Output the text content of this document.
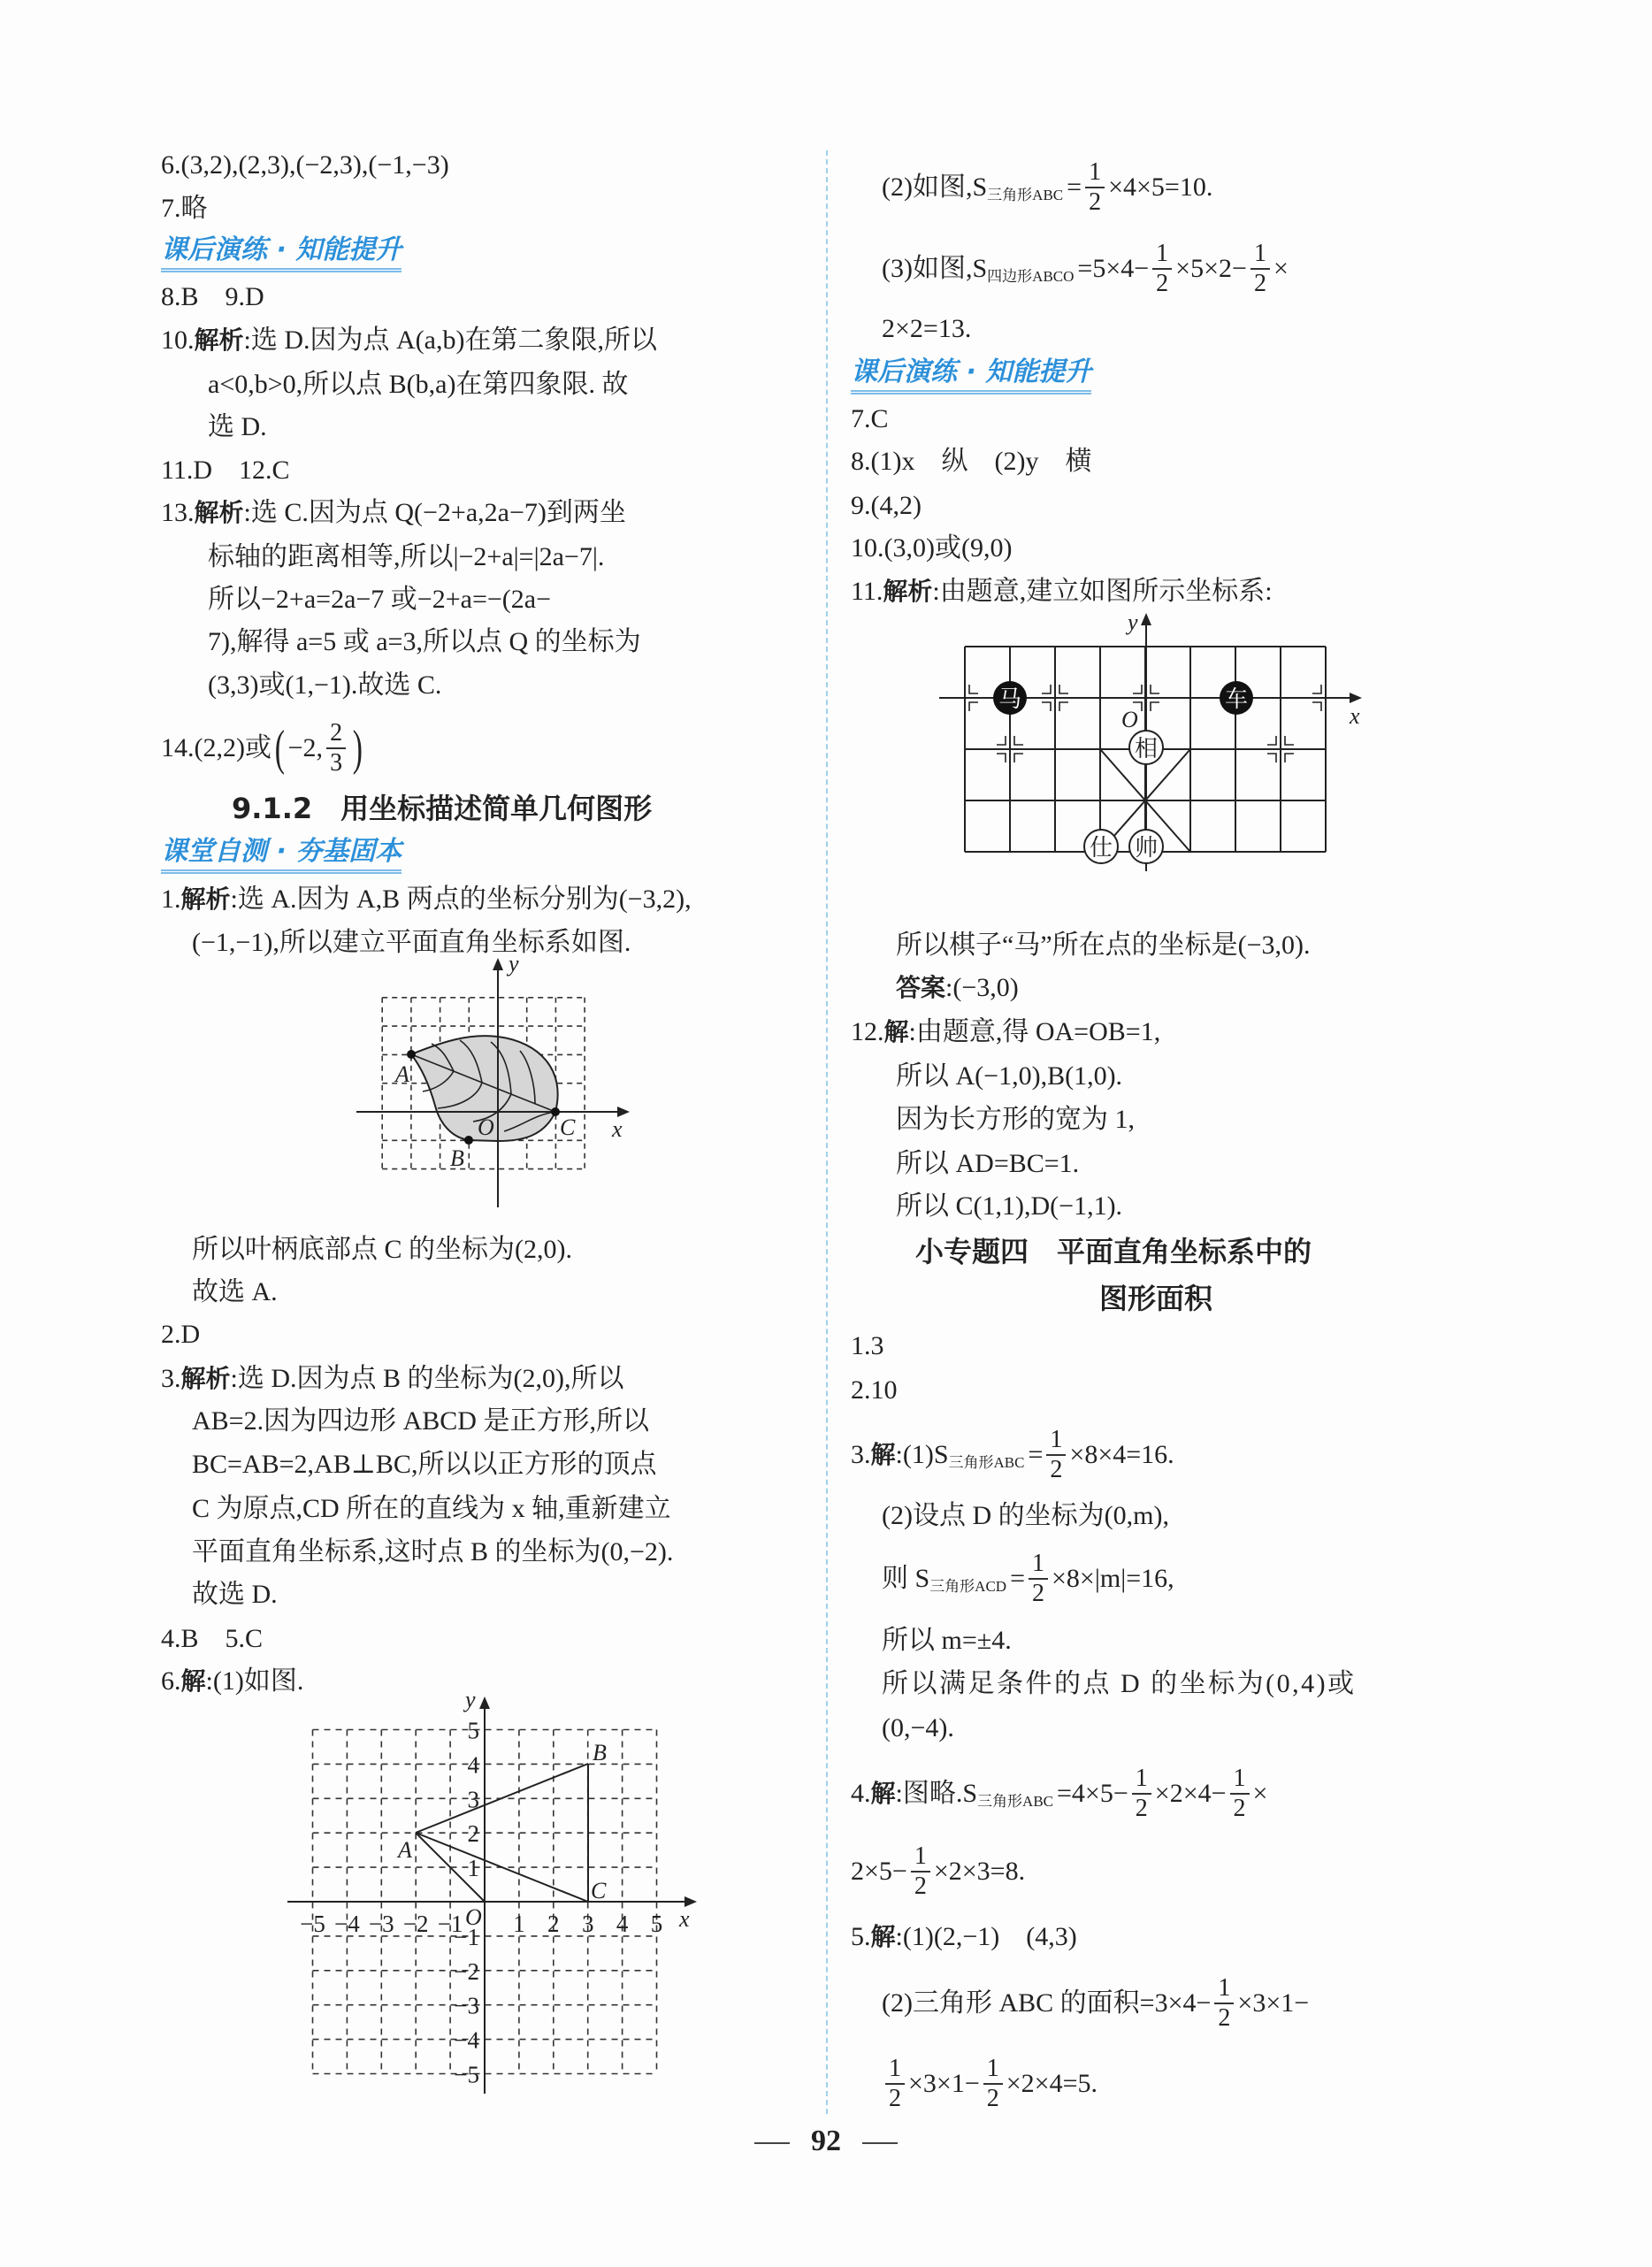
6.(3,2),(2,3),(−2,3),(−1,−3)
7.略
课后演练 · 知能提升
8.B　9.D
10.解析:选 D.因为点 A(a,b)在第二象限,所以
a<0,b>0,所以点 B(b,a)在第四象限. 故
选 D.
11.D　12.C
13.解析:选 C.因为点 Q(−2+a,2a−7)到两坐
标轴的距离相等,所以|−2+a|=|2a−7|.
所以−2+a=2a−7 或−2+a=−(2a−
7),解得 a=5 或 a=3,所以点 Q 的坐标为
(3,3)或(1,−1).故选 C.
14.(2,2)或 ( −2, $\frac{2}{3}$ )
9.1.2　用坐标描述简单几何图形
课堂自测 · 夯基固本
1.解析:选 A.因为 A,B 两点的坐标分别为(−3,2),
(−1,−1),所以建立平面直角坐标系如图.
A
B
C
O	x
y
所以叶柄底部点 C 的坐标为(2,0).
故选 A.
2.D
3.解析:选 D.因为点 B 的坐标为(2,0),所以
AB=2.因为四边形 ABCD 是正方形,所以
BC=AB=2,AB⊥BC,所以以正方形的顶点
C 为原点,CD 所在的直线为 x 轴,重新建立
平面直角坐标系,这时点 B 的坐标为(0,−2).
故选 D.
4.B　5.C
6.解:(1)如图.
−5 −4 −3 −2 −1 1 2 3 4 5
5
4
3
2
1
−1
−2
−3
−4
−5
A
B
C
O	x
y
(2)如图,S 三角形ABC = $\frac{1}{2} \times 4\times 5=10$.
(3)如图,S 四边形ABCO $=5\times 4- \frac{1}{2} \times 5\times 2- \frac{1}{2}$ ×
2×2=13.
课后演练 · 知能提升
7.C
8.(1)x　纵　(2)y　横
9.(4,2)
10.(3,0)或(9,0)
11.解析:由题意,建立如图所示坐标系:
x
y
O
马	车
相
仕 帅
所以棋子“马”所在点的坐标是(−3,0).
答案:(−3,0)
12.解:由题意,得 OA=OB=1,
所以 A(−1,0),B(1,0).
因为长方形的宽为 1,
所以 AD=BC=1.
所以 C(1,1),D(−1,1).
小专题四　平面直角坐标系中的
图形面积
1.3
2.10
3. 解 :(1)S 三角形ABC = $\frac{1}{2} \times 8\times 4=16$.
(2)设点 D 的坐标为(0,m),
则 S 三角形ACD = $\frac{1}{2} \times 8\times|m|=16$,
所以 m=±4.
所以满足条件的点 D 的坐标为(0,4)或
(0,−4).
4. 解 :图略.S 三角形ABC $=4\times 5- \frac{1}{2} \times 2\times 4- \frac{1}{2}$ ×
$2\times 5- \frac{1}{2} \times 2\times 3=8$.
5.解:(1)(2,−1)　(4,3)
(2)三角形 ABC 的面积$=3\times 4- \frac{1}{2} \times 3\times 1-$
$\frac{1}{2} \times 3\times 1- \frac{1}{2} \times 2\times 4=5$.
92
